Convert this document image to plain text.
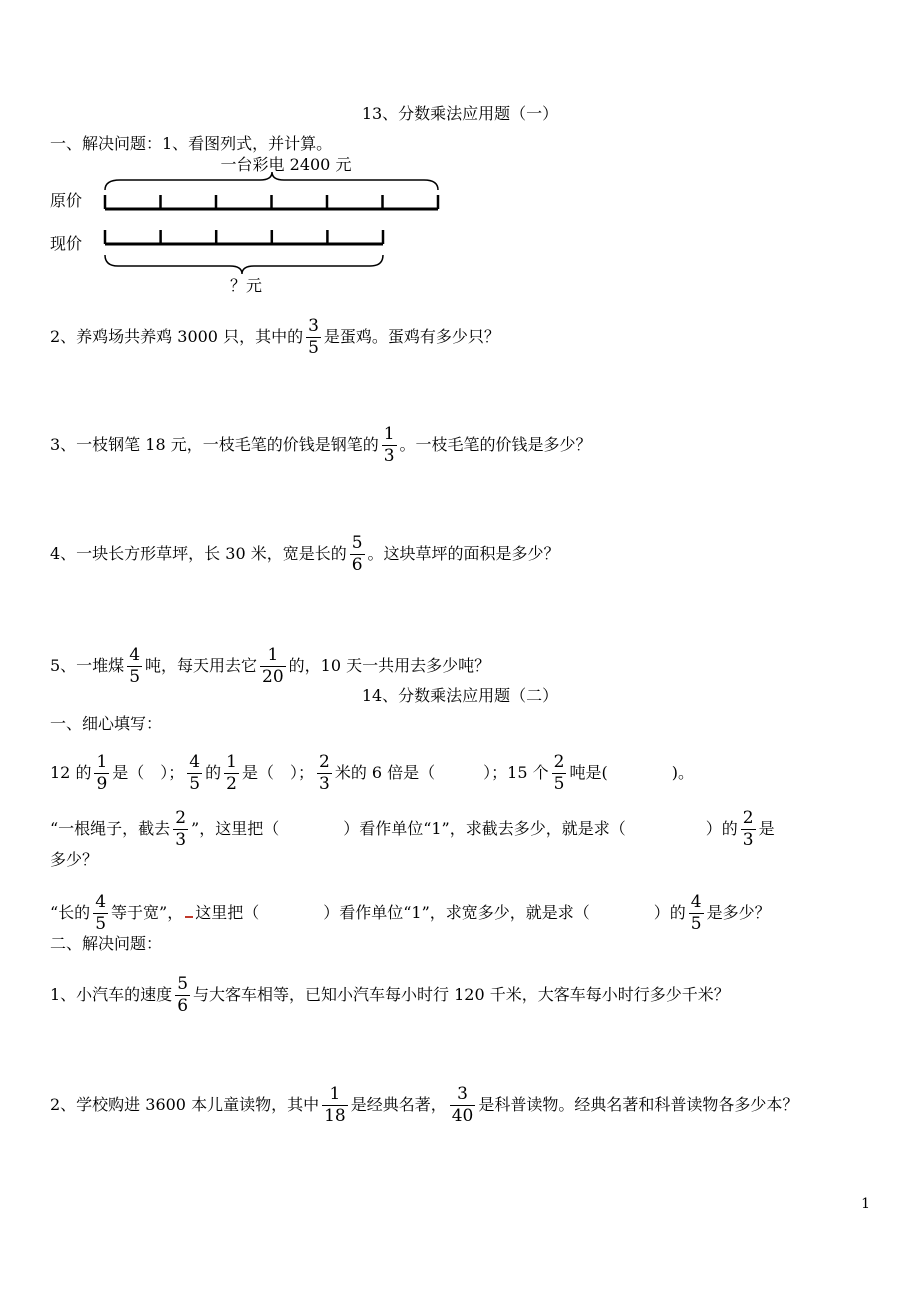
13、分数乘法应用题（一）
一、解决问题：1、看图列式，并计算。
一台彩电 2400 元
原价
现价
？元
2、养鸡场共养鸡 3000 只，其中的 $\frac{3}{5}$ 是蛋鸡。蛋鸡有多少只？
3、一枝钢笔 18 元，一枝毛笔的价钱是钢笔的 $\frac{1}{3}$ 。一枝毛笔的价钱是多少？
4、一块长方形草坪，长 30 米，宽是长的 $\frac{5}{6}$ 。这块草坪的面积是多少？
5、一堆煤 $\frac{4}{5}$ 吨，每天用去它 $\frac{1}{20}$ 的，10 天一共用去多少吨？
14、分数乘法应用题（二）
一、细心填写：
12 的 $\frac{1}{9}$ 是（　）； $\frac{4}{5}$ 的 $\frac{1}{2}$ 是（　）； $\frac{2}{3}$ 米的 6 倍是（　　　）；15 个 $\frac{2}{5}$ 吨是(　　　　)。
“一根绳子，截去 $\frac{2}{3}$ ”，这里把（　　　　）看作单位“1”，求截去多少，就是求（　　　　　）的 $\frac{2}{3}$ 是
多少？
“长的 $\frac{4}{5}$ 等于宽”， 这里把（　　　　）看作单位“1”，求宽多少，就是求（　　　　）的 $\frac{4}{5}$ 是多少？
二、解决问题：
1、小汽车的速度 $\frac{5}{6}$ 与大客车相等，已知小汽车每小时行 120 千米，大客车每小时行多少千米？
2、学校购进 3600 本儿童读物，其中 $\frac{1}{18}$ 是经典名著， $\frac{3}{40}$ 是科普读物。经典名著和科普读物各多少本？
1
